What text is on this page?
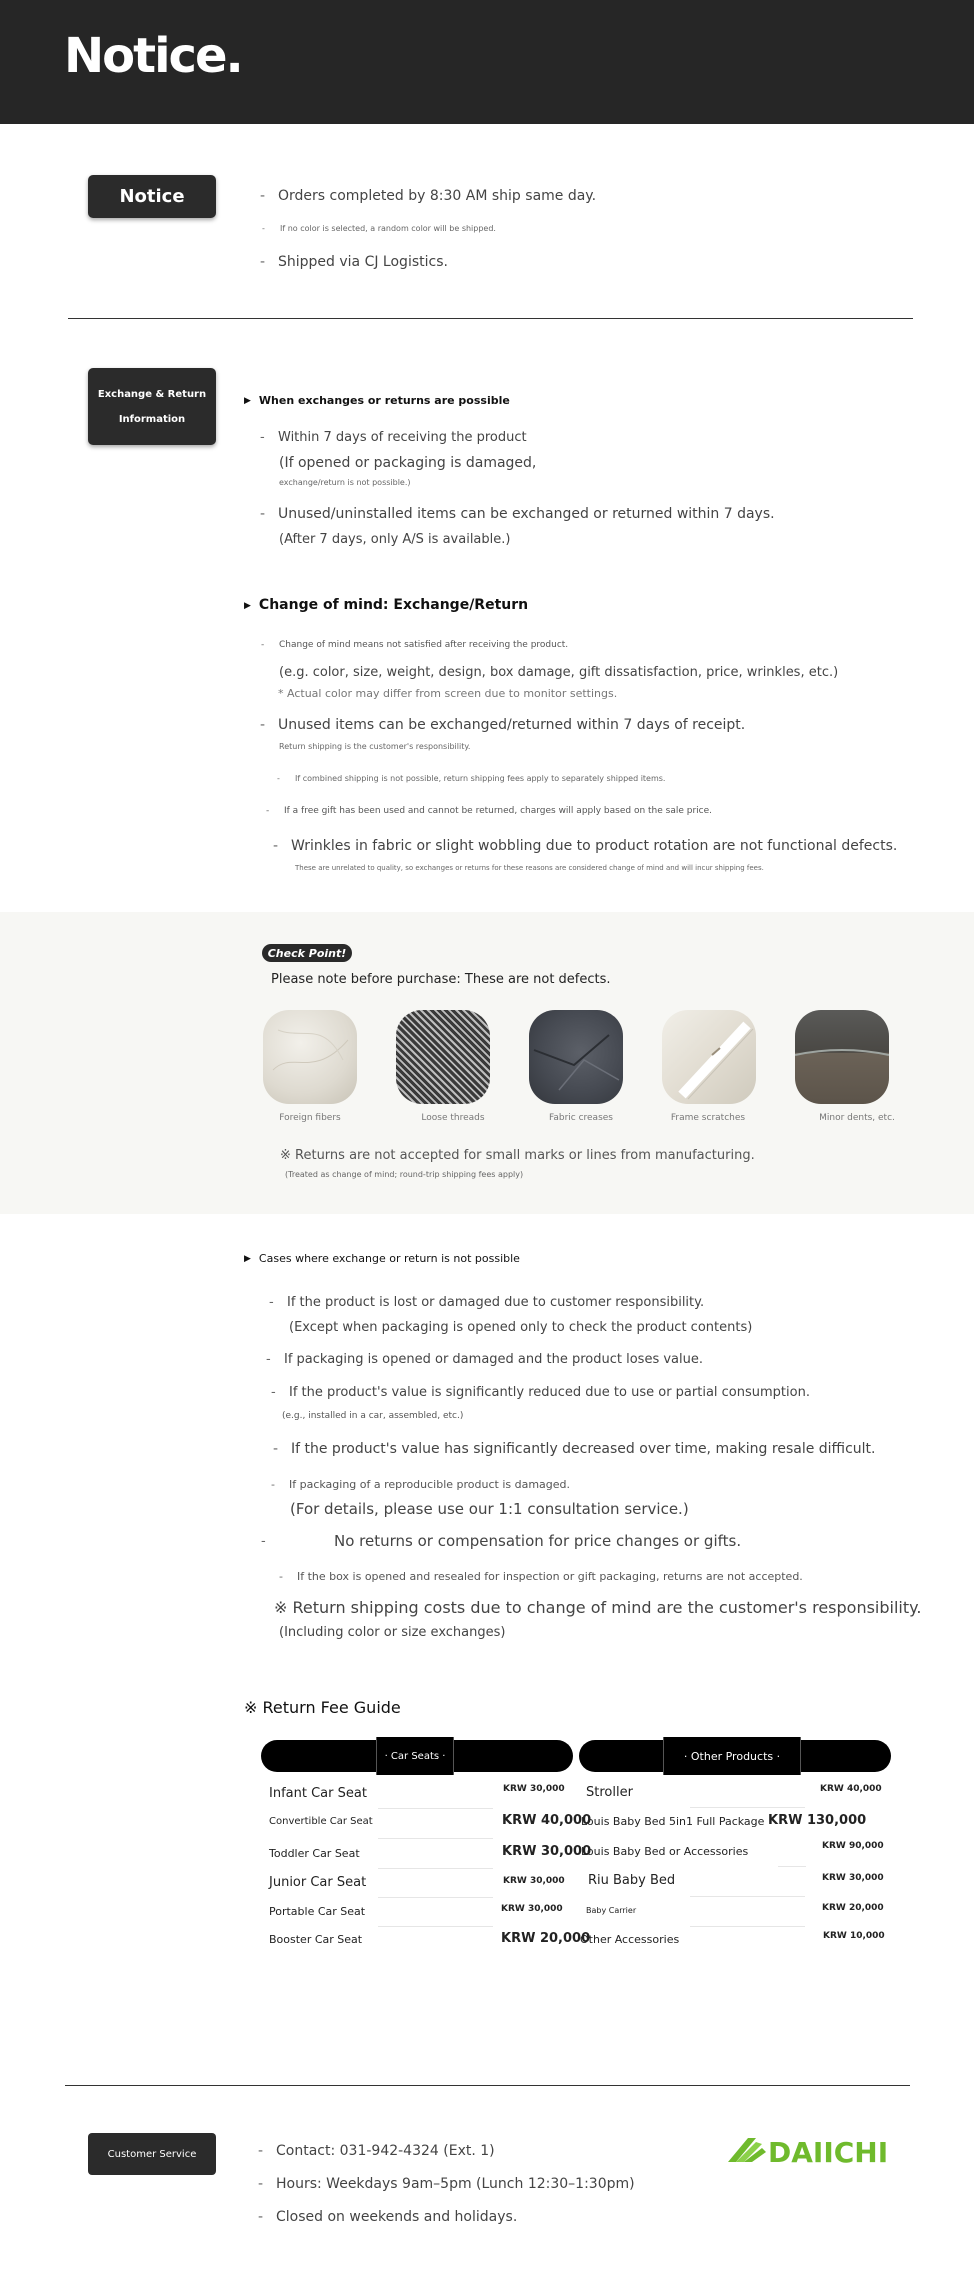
Notice.
Notice	- Orders completed by 8:30 AM ship same day.
- If no color is selected, a random color will be shipped.
- Shipped via CJ Logistics.
Exchange & Return
Information
▶ When exchanges or returns are possible
- Within 7 days of receiving the product
(If opened or packaging is damaged,
exchange/return is not possible.)
- Unused/uninstalled items can be exchanged or returned within 7 days.
(After 7 days, only A/S is available.)
▶ Change of mind: Exchange/Return
- Change of mind means not satisfied after receiving the product.
(e.g. color, size, weight, design, box damage, gift dissatisfaction, price, wrinkles, etc.)
* Actual color may differ from screen due to monitor settings.
- Unused items can be exchanged/returned within 7 days of receipt.
Return shipping is the customer's responsibility.
- If combined shipping is not possible, return shipping fees apply to separately shipped items.
- If a free gift has been used and cannot be returned, charges will apply based on the sale price.
- Wrinkles in fabric or slight wobbling due to product rotation are not functional defects.
These are unrelated to quality, so exchanges or returns for these reasons are considered change of mind and will incur shipping fees.
Check Point!
Please note before purchase: These are not defects.
Foreign fibers	Loose threads	Fabric creases	Frame scratches	Minor dents, etc.
※ Returns are not accepted for small marks or lines from manufacturing.
(Treated as change of mind; round-trip shipping fees apply)
▶ Cases where exchange or return is not possible
- If the product is lost or damaged due to customer responsibility.
(Except when packaging is opened only to check the product contents)
- If packaging is opened or damaged and the product loses value.
- If the product's value is significantly reduced due to use or partial consumption.
(e.g., installed in a car, assembled, etc.)
- If the product's value has significantly decreased over time, making resale difficult.
- If packaging of a reproducible product is damaged.
(For details, please use our 1:1 consultation service.)
No returns or compensation for price changes or gifts.
-
- If the box is opened and resealed for inspection or gift packaging, returns are not accepted.
※ Return shipping costs due to change of mind are the customer's responsibility.
(Including color or size exchanges)
※ Return Fee Guide
· Car Seats ·	· Other Products ·
Infant Car Seat	KRW 30,000
Convertible Car Seat	KRW 40,000
Toddler Car Seat	KRW 30,000
Junior Car Seat	KRW 30,000
Portable Car Seat	KRW 30,000
Booster Car Seat	KRW 20,000
Stroller	KRW 40,000
Louis Baby Bed 5in1 Full Package KRW 130,000
Louis Baby Bed or Accessories	KRW 90,000
Riu Baby Bed	KRW 30,000
Baby Carrier	KRW 20,000
Other Accessories	KRW 10,000
Customer Service	- Contact: 031-942-4324 (Ext. 1)
- Hours: Weekdays 9am–5pm (Lunch 12:30–1:30pm)
- Closed on weekends and holidays.
DAIICHI
